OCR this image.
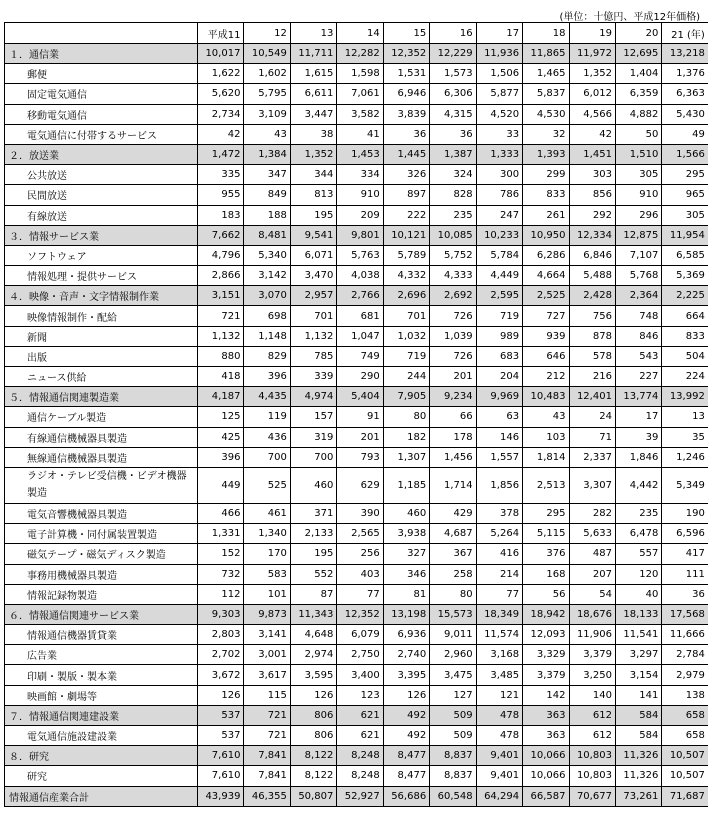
(単位：十億円、平成12年価格)
	平成11	12	13	14	15	16	17	18	19	20	21 (年)
１．通信業	10,017	10,549	11,711	12,282	12,352	12,229	11,936	11,865	11,972	12,695	13,218
郵便	1,622	1,602	1,615	1,598	1,531	1,573	1,506	1,465	1,352	1,404	1,376
固定電気通信	5,620	5,795	6,611	7,061	6,946	6,306	5,877	5,837	6,012	6,359	6,363
移動電気通信	2,734	3,109	3,447	3,582	3,839	4,315	4,520	4,530	4,566	4,882	5,430
電気通信に付帯するサービス	42	43	38	41	36	36	33	32	42	50	49
２．放送業	1,472	1,384	1,352	1,453	1,445	1,387	1,333	1,393	1,451	1,510	1,566
公共放送	335	347	344	334	326	324	300	299	303	305	295
民間放送	955	849	813	910	897	828	786	833	856	910	965
有線放送	183	188	195	209	222	235	247	261	292	296	305
３．情報サービス業	7,662	8,481	9,541	9,801	10,121	10,085	10,233	10,950	12,334	12,875	11,954
ソフトウェア	4,796	5,340	6,071	5,763	5,789	5,752	5,784	6,286	6,846	7,107	6,585
情報処理・提供サービス	2,866	3,142	3,470	4,038	4,332	4,333	4,449	4,664	5,488	5,768	5,369
４．映像・音声・文字情報制作業	3,151	3,070	2,957	2,766	2,696	2,692	2,595	2,525	2,428	2,364	2,225
映像情報制作・配給	721	698	701	681	701	726	719	727	756	748	664
新聞	1,132	1,148	1,132	1,047	1,032	1,039	989	939	878	846	833
出版	880	829	785	749	719	726	683	646	578	543	504
ニュース供給	418	396	339	290	244	201	204	212	216	227	224
５．情報通信関連製造業	4,187	4,435	4,974	5,404	7,905	9,234	9,969	10,483	12,401	13,774	13,992
通信ケーブル製造	125	119	157	91	80	66	63	43	24	17	13
有線通信機械器具製造	425	436	319	201	182	178	146	103	71	39	35
無線通信機械器具製造	396	700	700	793	1,307	1,456	1,557	1,814	2,337	1,846	1,246
ラジオ・テレビ受信機・ビデオ機器製造	449	525	460	629	1,185	1,714	1,856	2,513	3,307	4,442	5,349
電気音響機械器具製造	466	461	371	390	460	429	378	295	282	235	190
電子計算機・同付属装置製造	1,331	1,340	2,133	2,565	3,938	4,687	5,264	5,115	5,633	6,478	6,596
磁気テープ・磁気ディスク製造	152	170	195	256	327	367	416	376	487	557	417
事務用機械器具製造	732	583	552	403	346	258	214	168	207	120	111
情報記録物製造	112	101	87	77	81	80	77	56	54	40	36
６．情報通信関連サービス業	9,303	9,873	11,343	12,352	13,198	15,573	18,349	18,942	18,676	18,133	17,568
情報通信機器賃貸業	2,803	3,141	4,648	6,079	6,936	9,011	11,574	12,093	11,906	11,541	11,666
広告業	2,702	3,001	2,974	2,750	2,740	2,960	3,168	3,329	3,379	3,297	2,784
印刷・製版・製本業	3,672	3,617	3,595	3,400	3,395	3,475	3,485	3,379	3,250	3,154	2,979
映画館・劇場等	126	115	126	123	126	127	121	142	140	141	138
７．情報通信関連建設業	537	721	806	621	492	509	478	363	612	584	658
電気通信施設建設業	537	721	806	621	492	509	478	363	612	584	658
８．研究	7,610	7,841	8,122	8,248	8,477	8,837	9,401	10,066	10,803	11,326	10,507
研究	7,610	7,841	8,122	8,248	8,477	8,837	9,401	10,066	10,803	11,326	10,507
情報通信産業合計	43,939	46,355	50,807	52,927	56,686	60,548	64,294	66,587	70,677	73,261	71,687
